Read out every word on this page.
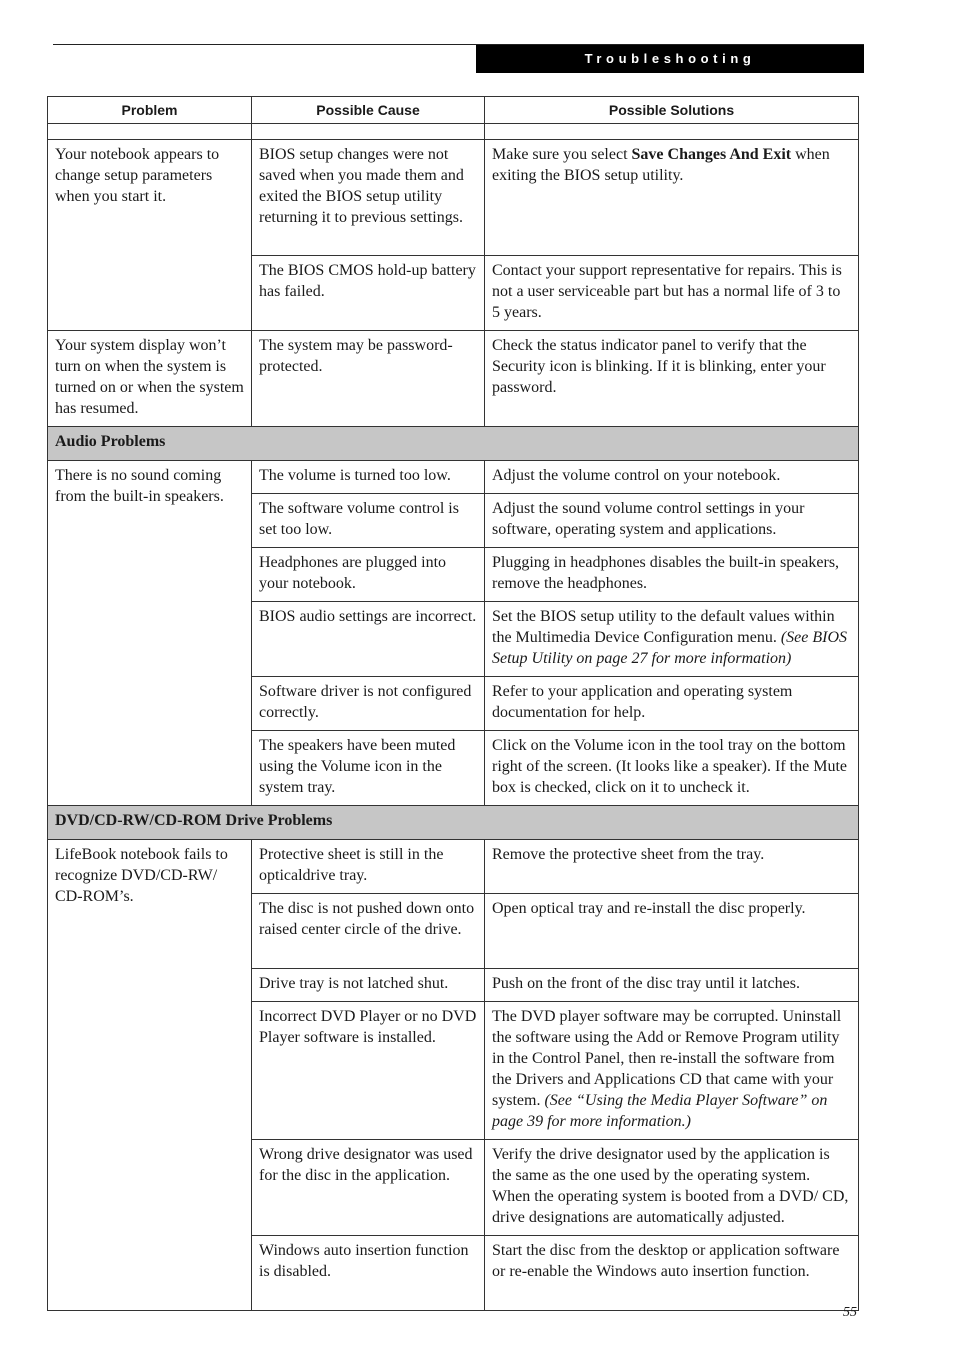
Troubleshooting
Problem	Possible Cause	Possible Solutions

Your notebook appears to change setup parameters when you start it.	BIOS setup changes were not saved when you made them and exited the BIOS setup utility returning it to previous settings.	Make sure you select Save Changes And Exit when exiting the BIOS setup utility.
	The BIOS CMOS hold-up battery has failed.	Contact your support representative for repairs. This is not a user serviceable part but has a normal life of 3 to 5 years.
Your system display won’t turn on when the system is turned on or when the system has resumed.	The system may be password-protected.	Check the status indicator panel to verify that the Security icon is blinking. If it is blinking, enter your password.
Audio Problems		
There is no sound coming from the built-in speakers.	The volume is turned too low.	Adjust the volume control on your notebook.
	The software volume control is set too low.	Adjust the sound volume control settings in your software, operating system and applications.
	Headphones are plugged into your notebook.	Plugging in headphones disables the built-in speakers, remove the headphones.
	BIOS audio settings are incorrect.	Set the BIOS setup utility to the default values within the Multimedia Device Configuration menu. (See BIOS Setup Utility on page 27 for more information)
	Software driver is not configured correctly.	Refer to your application and operating system documentation for help.
	The speakers have been muted using the Volume icon in the system tray.	Click on the Volume icon in the tool tray on the bottom right of the screen. (It looks like a speaker). If the Mute box is checked, click on it to uncheck it.
DVD/CD-RW/CD-ROM Drive Problems		
LifeBook notebook fails to recognize DVD/CD-RW/ CD-ROM’s.	Protective sheet is still in the opticaldrive tray.	Remove the protective sheet from the tray.
	The disc is not pushed down onto raised center circle of the drive.	Open optical tray and re-install the disc properly.
	Drive tray is not latched shut.	Push on the front of the disc tray until it latches.
	Incorrect DVD Player or no DVD Player software is installed.	The DVD player software may be corrupted. Uninstall the software using the Add or Remove Program utility in the Control Panel, then re-install the software from the Drivers and Applications CD that came with your system. (See “Using the Media Player Software” on page 39 for more information.)
	Wrong drive designator was used for the disc in the application.	Verify the drive designator used by the application is the same as the one used by the operating system. When the operating system is booted from a DVD/ CD, drive designations are automatically adjusted.
	Windows auto insertion function is disabled.	Start the disc from the desktop or application software or re-enable the Windows auto insertion function.
55
